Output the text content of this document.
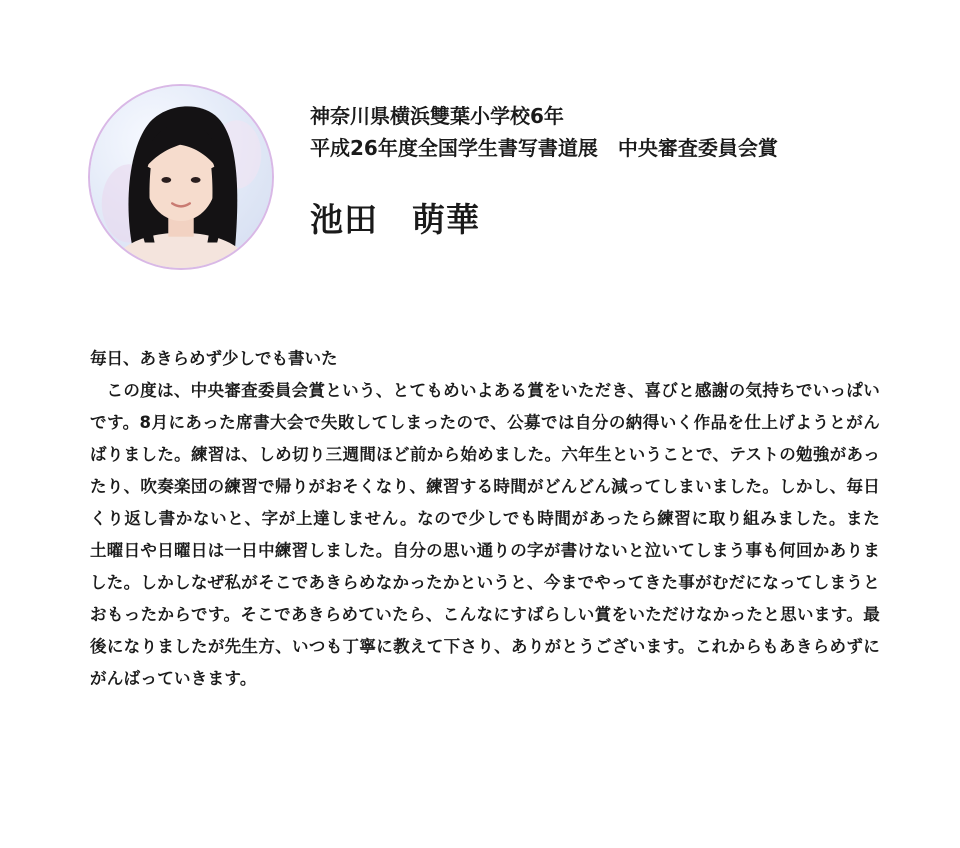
神奈川県横浜雙葉小学校6年
平成26年度全国学生書写書道展　中央審査委員会賞
池田　萌華
毎日、あきらめず少しでも書いた
この度は、中央審査委員会賞という、とてもめいよある賞をいただき、喜びと感謝の気持ちでいっぱいです。8月にあった席書大会で失敗してしまったので、公募では自分の納得いく作品を仕上げようとがんばりました。練習は、しめ切り三週間ほど前から始めました。六年生ということで、テストの勉強があったり、吹奏楽団の練習で帰りがおそくなり、練習する時間がどんどん減ってしまいました。しかし、毎日くり返し書かないと、字が上達しません。なので少しでも時間があったら練習に取り組みました。また土曜日や日曜日は一日中練習しました。自分の思い通りの字が書けないと泣いてしまう事も何回かありました。しかしなぜ私がそこであきらめなかったかというと、今までやってきた事がむだになってしまうとおもったからです。そこであきらめていたら、こんなにすばらしい賞をいただけなかったと思います。最後になりましたが先生方、いつも丁寧に教えて下さり、ありがとうございます。これからもあきらめずにがんばっていきます。
